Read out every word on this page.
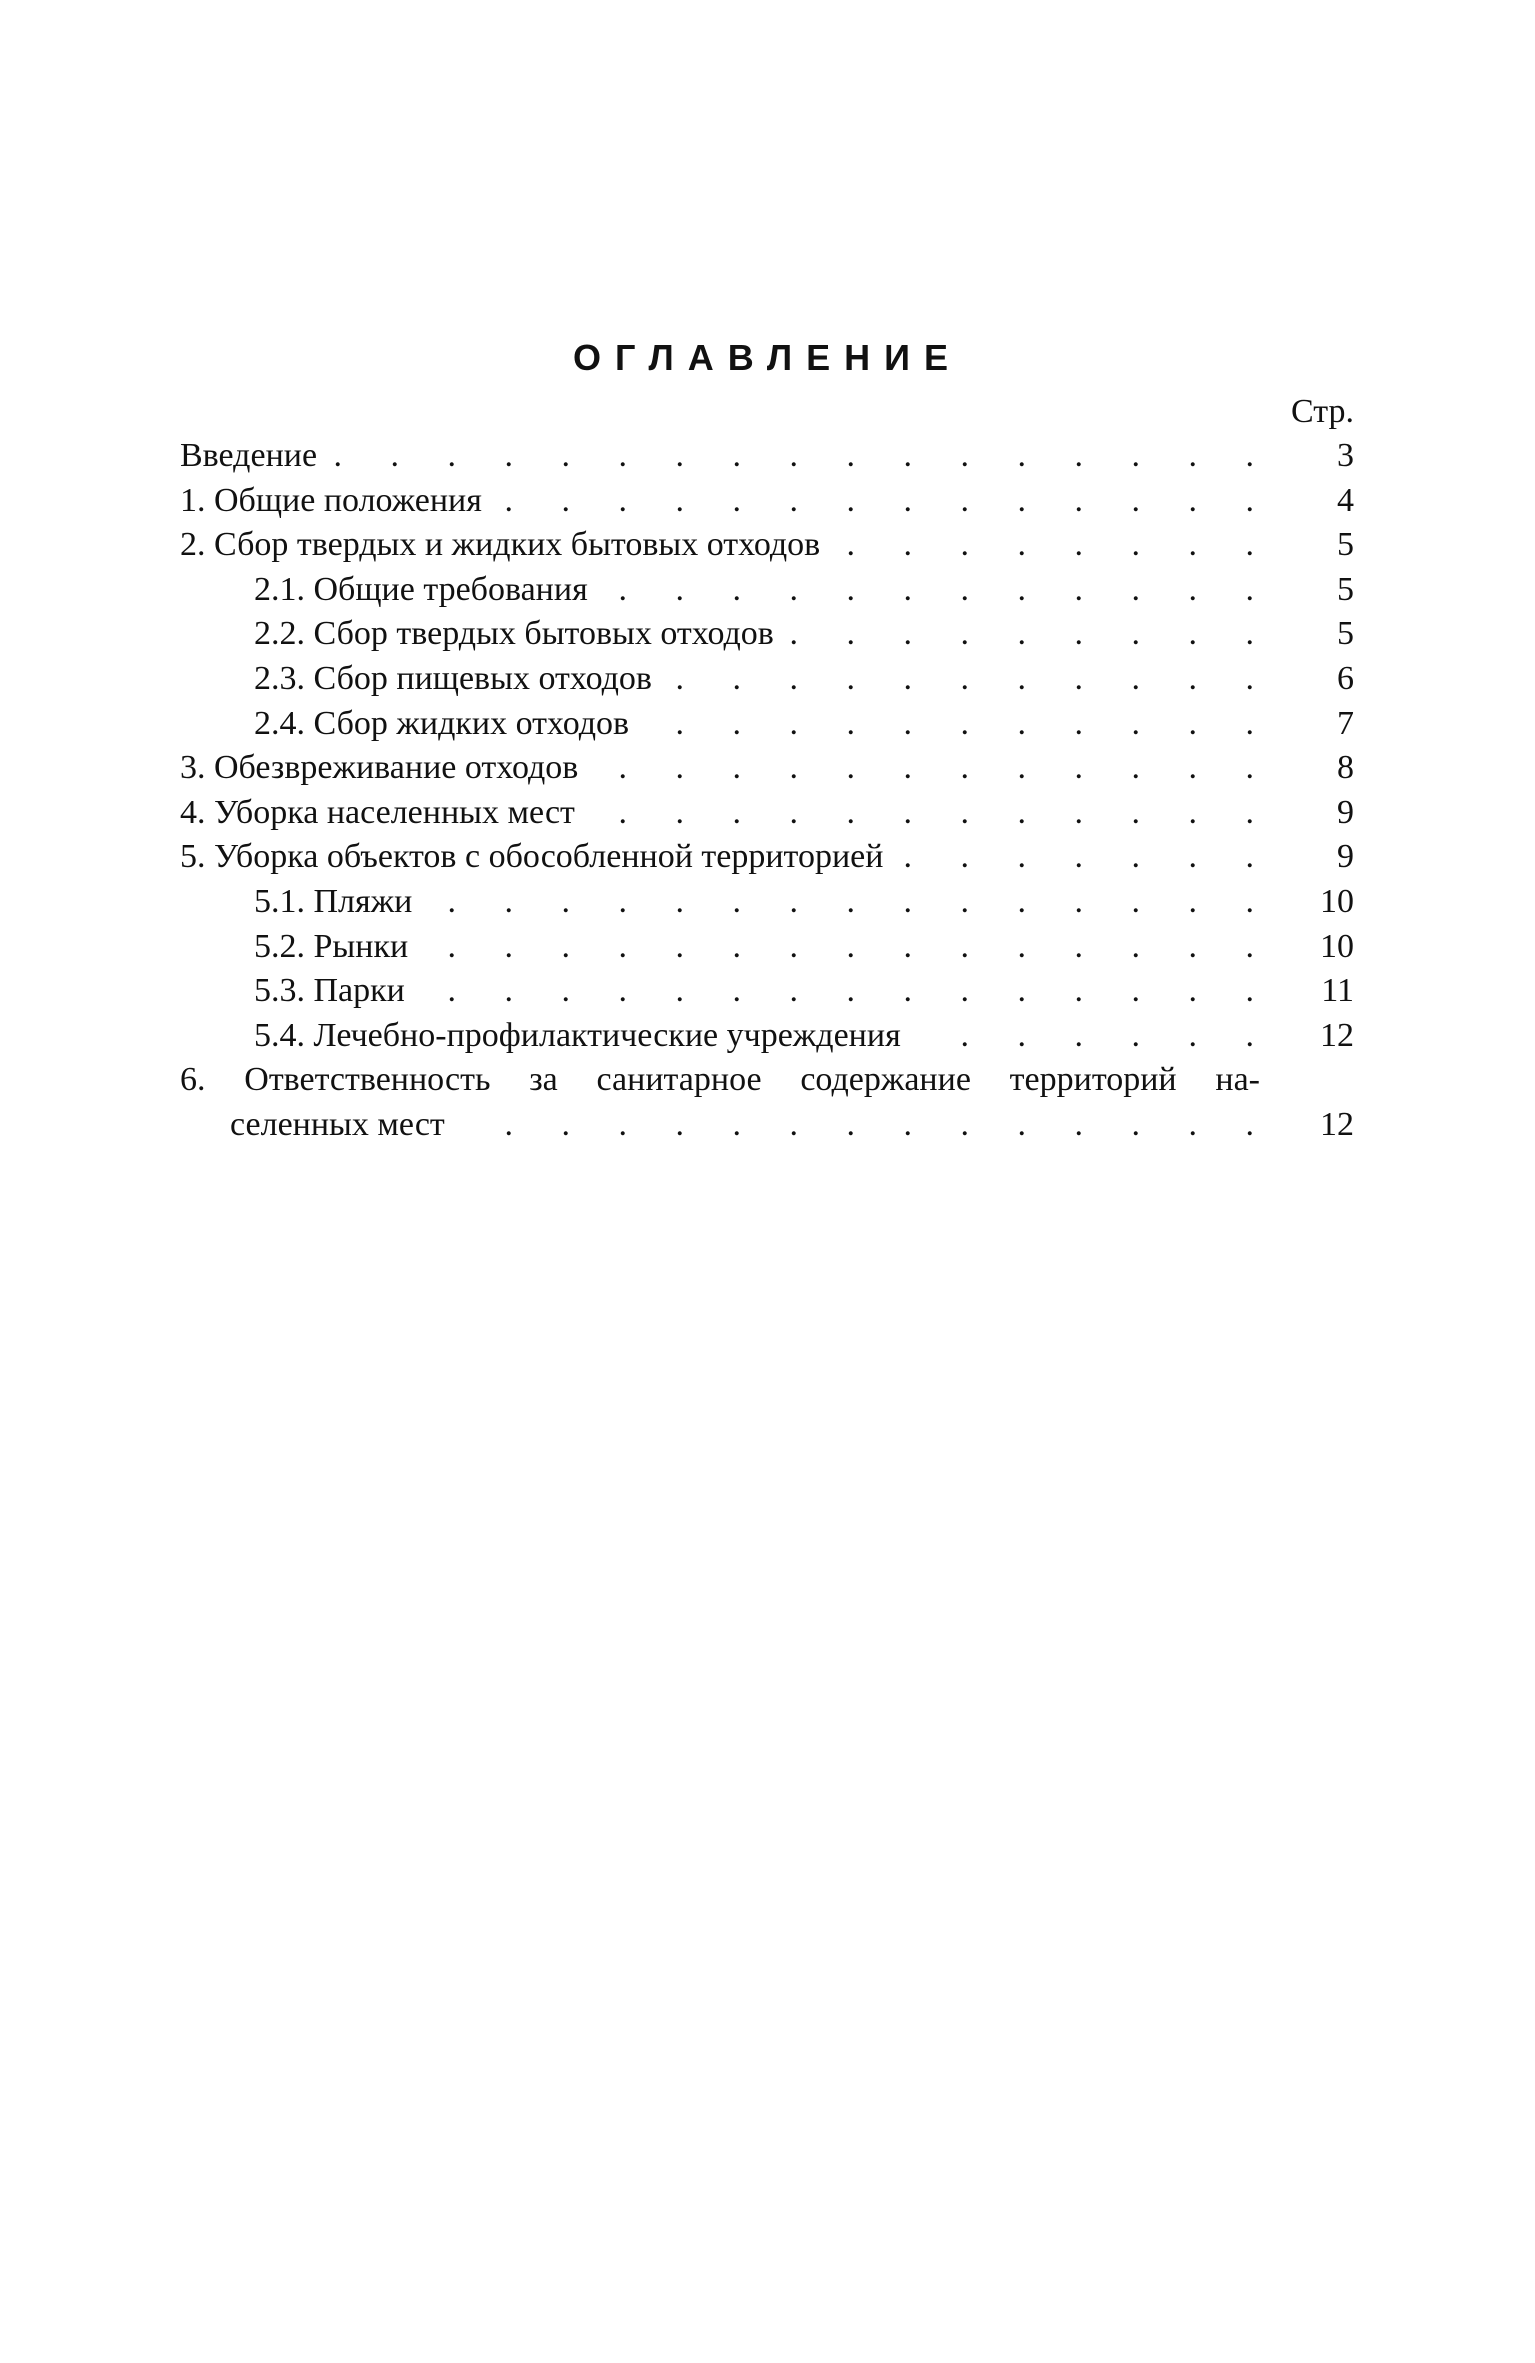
ОГЛАВЛЕНИЕ
Стр.
Введение . . .	3
1. Общие положения . . .	4
2. Сбор твердых и жидких бытовых отходов . . .	5
2.1. Общие требования . . .	5
2.2. Сбор твердых бытовых отходов . . .	5
2.3. Сбор пищевых отходов . . .	6
2.4. Сбор жидких отходов . . .	7
3. Обезвреживание отходов . . .	8
4. Уборка населенных мест . . .	9
5. Уборка объектов с обособленной территорией . . .	9
5.1. Пляжи . . .	10
5.2. Рынки . . .	10
5.3. Парки . . .	11
5.4. Лечебно-профилактические учреждения . . .	12
6. Ответственность за санитарное содержание территорий на-
селенных мест . . .	12
